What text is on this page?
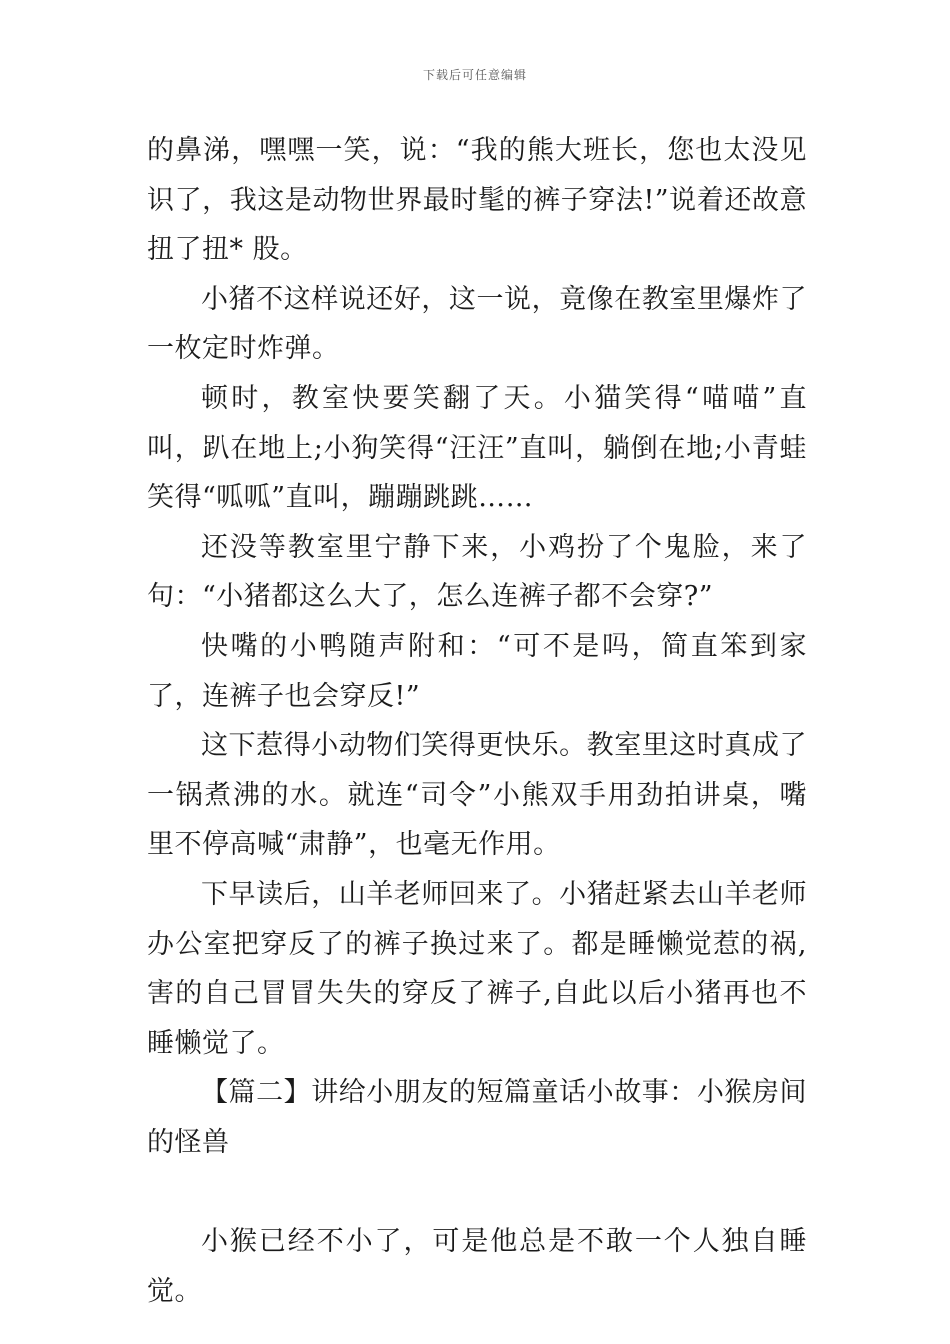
下载后可任意编辑

的鼻涕，嘿嘿一笑，说：“我的熊大班长，您也太没见识了，我这是动物世界最时髦的裤子穿法!”说着还故意扭了扭* 股。

小猪不这样说还好，这一说，竟像在教室里爆炸了一枚定时炸弹。

顿时，教室快要笑翻了天。小猫笑得“喵喵”直叫，趴在地上;小狗笑得“汪汪”直叫，躺倒在地;小青蛙笑得“呱呱”直叫，蹦蹦跳跳……

还没等教室里宁静下来，小鸡扮了个鬼脸，来了句：“小猪都这么大了，怎么连裤子都不会穿?”

快嘴的小鸭随声附和：“可不是吗，简直笨到家了，连裤子也会穿反!”

这下惹得小动物们笑得更快乐。教室里这时真成了一锅煮沸的水。就连“司令”小熊双手用劲拍讲桌，嘴里不停高喊“肃静”，也毫无作用。

下早读后，山羊老师回来了。小猪赶紧去山羊老师办公室把穿反了的裤子换过来了。都是睡懒觉惹的祸,害的自己冒冒失失的穿反了裤子,自此以后小猪再也不睡懒觉了。

【篇二】讲给小朋友的短篇童话小故事：小猴房间的怪兽

小猴已经不小了，可是他总是不敢一个人独自睡觉。
